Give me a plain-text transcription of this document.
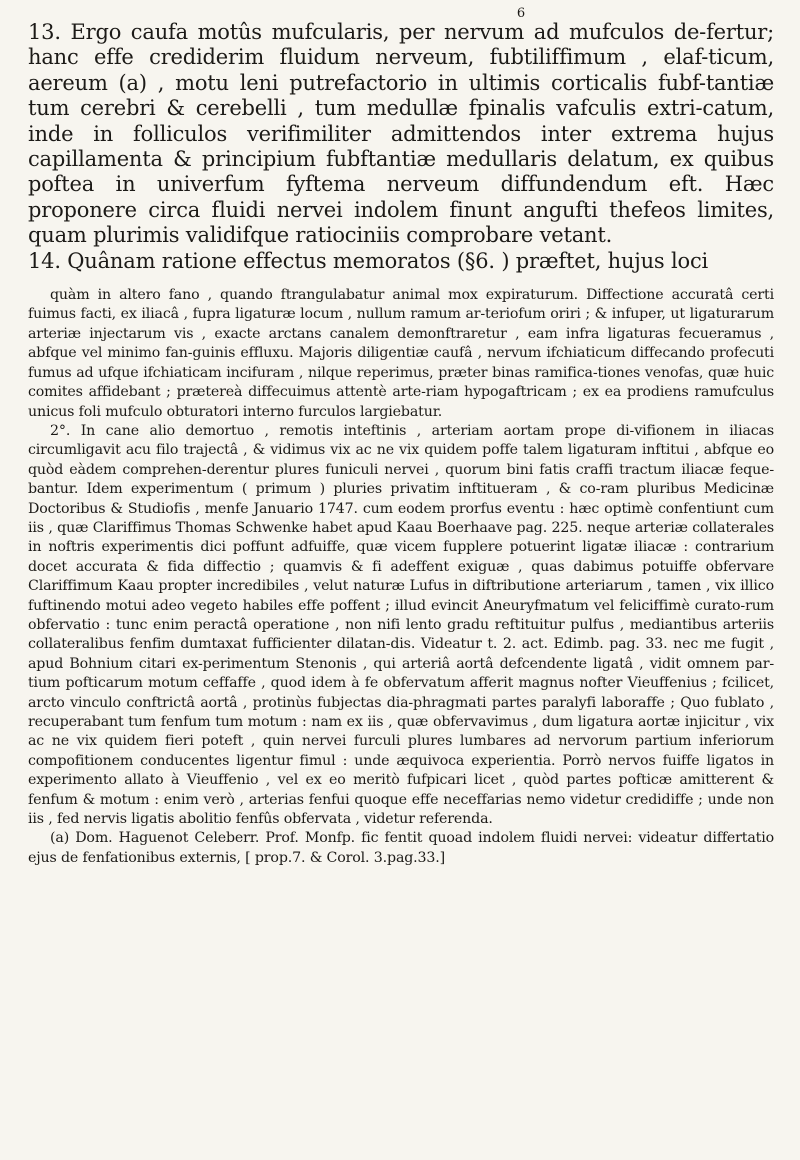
6

13. Ergo caufa motûs mufcularis, per nervum ad mufculos de-fertur; hanc effe crediderim fluidum nerveum, fubtiliffimum , elaf-ticum, aereum (a) , motu leni putrefactorio in ultimis corticalis fubf-tantiæ tum cerebri & cerebelli , tum medullæ fpinalis vafculis extri-catum, inde in folliculos verifimiliter admittendos inter extrema hujus capillamenta & principium fubftantiæ medullaris delatum, ex quibus poftea in univerfum fyftema nerveum diffundendum eft. Hæc proponere circa fluidi nervei indolem finunt angufti thefeos limites, quam plurimis validifque ratiociniis comprobare vetant.

14. Quânam ratione effectus memoratos (§6. ) præftet, hujus loci

quàm in altero fano , quando ftrangulabatur animal mox expiraturum. Diffectione accuratâ certi fuimus facti, ex iliacâ , fupra ligaturæ locum , nullum ramum ar-teriofum oriri ; & infuper, ut ligaturarum arteriæ injectarum vis , exacte arctans canalem demonftraretur , eam infra ligaturas fecueramus , abfque vel minimo fan-guinis effluxu. Majoris diligentiæ caufâ , nervum ifchiaticum diffecando profecuti fumus ad ufque ifchiaticam incifuram , nilque reperimus, præter binas ramifica-tiones venofas, quæ huic comites affidebant ; prætereà diffecuimus attentè arte-riam hypogaftricam ; ex ea prodiens ramufculus unicus foli mufculo obturatori interno furculos largiebatur.

2°. In cane alio demortuo , remotis inteftinis , arteriam aortam prope di-vifionem in iliacas circumligavit acu filo trajectâ , & vidimus vix ac ne vix quidem poffe talem ligaturam inftitui , abfque eo quòd eàdem comprehen-derentur plures funiculi nervei , quorum bini fatis craffi tractum iliacæ feque-bantur. Idem experimentum ( primum ) pluries privatim inftitueram , & co-ram pluribus Medicinæ Doctoribus & Studiofis , menfe Januario 1747. cum eodem prorfus eventu : hæc optimè confentiunt cum iis , quæ Clariffimus Thomas Schwenke habet apud Kaau Boerhaave pag. 225. neque arteriæ collaterales in noftris experimentis dici poffunt adfuiffe, quæ vicem fupplere potuerint ligatæ iliacæ : contrarium docet accurata & fida diffectio ; quamvis & fi adeffent exiguæ , quas dabimus potuiffe obfervare Clariffimum Kaau propter incredibiles , velut naturæ Lufus in diftributione arteriarum , tamen , vix illico fuftinendo motui adeo vegeto habiles effe poffent ; illud evincit Aneuryfmatum vel feliciffimè curato-rum obfervatio : tunc enim peractâ operatione , non nifi lento gradu reftituitur pulfus , mediantibus arteriis collateralibus fenfim dumtaxat fufficienter dilatan-dis. Videatur t. 2. act. Edimb. pag. 33. nec me fugit , apud Bohnium citari ex-perimentum Stenonis , qui arteriâ aortâ defcendente ligatâ , vidit omnem par-tium pofticarum motum ceffaffe , quod idem à fe obfervatum afferit magnus nofter Vieuffenius ; fcilicet, arcto vinculo conftrictâ aortâ , protinùs fubjectas dia-phragmati partes paralyfi laboraffe ; Quo fublato , recuperabant tum fenfum tum motum : nam ex iis , quæ obfervavimus , dum ligatura aortæ injicitur , vix ac ne vix quidem fieri poteft , quin nervei furculi plures lumbares ad nervorum partium inferiorum compofitionem conducentes ligentur fimul : unde æquivoca experientia. Porrò nervos fuiffe ligatos in experimento allato à Vieuffenio , vel ex eo meritò fufpicari licet , quòd partes pofticæ amitterent & fenfum & motum : enim verò , arterias fenfui quoque effe neceffarias nemo videtur credidiffe ; unde non iis , fed nervis ligatis abolitio fenfûs obfervata , videtur referenda.

(a) Dom. Haguenot Celeberr. Prof. Monfp. fic fentit quoad indolem fluidi nervei: videatur differtatio ejus de fenfationibus externis, [ prop.7. & Corol. 3.pag.33.]
